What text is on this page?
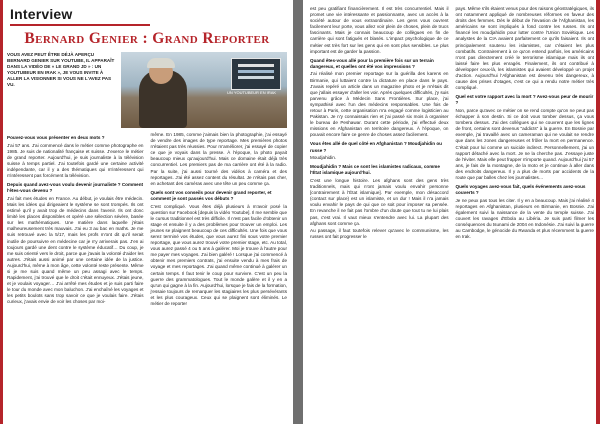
Interview
Bernard Genier : Grand Reporter

VOUS AVEZ PEUT ÊTRE DÉJÀ APERÇU BERNARD GENIER SUR YOUTUBE, IL APPARAÎT DANS LA VIDÉO DE « LE GRAND JD » : UN YOUTUBEUR EN IRAK », JE VOUS INVITE À ALLER LA VISIONNER SI VOUS NE L'AVEZ PAS VU.

UN YOUTUBEUR EN IRAK

Pouvez-vous vous présenter en deux mots ?

J'ai 57 ans. J'ai commencé dans le métier comme photographe en 1985. Je suis de nationalité française et suisse. J'exerce le métier de grand reporter. Aujourd'hui, je suis journaliste à la télévision suisse à temps partiel. J'ai toutefois gardé une certaine activité indépendante, car il y a des thématiques qui m'intéressent qui n'intéressent pas forcément la télévision.

Depuis quand avez-vous voulu devenir journaliste ? Comment l'êtes-vous devenu ?

J'ai fait mes études en France. Au début, je voulais être médecin. Mais les idées qui dirigeaient le système se sont trompés. Ils ont estimé qu'il y avait trop de médecins dans l'avenir. Ils ont donc limité les places disponibles et opéré une sélection sévère, basée sur les mathématiques. Une matière dans laquelle j'étais malheureusement très mauvais. J'ai eu 3 au bac en maths. Je me suis retrouvé avec la 5/17, mais les profs m'ont dit qu'il serait inutile de poursuivre en médecine car je n'y arriverais pas. J'en ai toujours gardé une dent contre le système éducatif… Du coup, je me suis orienté vers le droit, parce que j'avais la volonté d'aider les autres. J'étais aussi animé par une certaine idée de la justice. Aujourd'hui, même à mon âge, cette volonté reste présente. Même si je me suis quand même un peu assagi avec le temps. Rapidement, j'ai trouvé que le droit c'était ennuyeux. J'étais jeune, et je voulais voyager… J'ai arrêté mes études et je suis parti faire le tour du monde avec mon baluchon. J'ai enchaîné les voyages et les petits boulots sans trop savoir ce que je voulais faire. J'étais curieux, j'avais envie de voir les choses par moi-

même. En 1985, comme j'aimais bien la photographie, j'ai essayé de vendre des images de type reportage. Mes premières photos n'étaient pas très réussies. Pour m'améliorer, j'ai essayé de copier ce que je voyais dans la presse. À l'époque, la photo payait beaucoup mieux qu'aujourd'hui. Mais ce domaine était déjà très concurrentiel. Les premiers pas de ma carrière ont été à la radio. Par la suite, j'ai aussi tourné des vidéos à caméra et des reportages. J'ai été assez content du résultat. Je n'étais pas cher, en achetant des caméras avec une tête un peu comme ça.

Quels sont vos conseils pour devenir grand reporter, et comment je sont passés vos débuts ?

C'est compliqué. Vous êtes déjà plusieurs à m'avoir posé la question sur Facebook [depuis la vidéo Youtube]. Il me semble que le cursus traditionnel est très difficile. Il n'est pas facile d'obtenir un stage et ensuite il y a des problèmes pour trouver un emploi. Les jeunes se plaignent beaucoup de ces difficultés. Une fois que vous serez terminé vos études, que vous aurez fini sous votre premier reportage, que vous aurez trouvé votre premier stage, etc. Au total, vous aurez passé 4 ou 5 ans à galérer. Moi je trouve à l'autre pour me payer mes voyages. J'ai bien galéré ! Lorsque j'ai commencé à obtenir mes premiers contrats, j'ai ensuite vendu à mes frais de voyage et mes reportages. J'ai quand même continué à galérer un certain temps. Il faut tenir le coup pour survivre. C'est un peu la guerre des grammatologues. Tout le monde galère et il y en a qu'un qui gagne à la fin. Aujourd'hui, lorsque je fais de la formation, j'essaie toujours de remarquer les stagiaires les plus persévérants et les plus courageux. Ceux qui se plaignent sont éliminés. Le métier de reporter

est peu gratifiant financièrement. Il est très concurrentiel. Mais il promet une vie intéressante et passionnante, avec un accès à la société autour de vous extraordinaire. Les gens vous ouvrent facilement leur porte, vous allez voir plein de choses, plein de trucs fascinants. Mais je connais beaucoup de collègues en fin de carrière qui sont fatigués et blasés. L'impact psychologique de ce métier est très fort sur les gens qui en sont plus sensibles. Le plus important est de garder la passion.

Quand êtes-vous allé pour la première fois sur un terrain dangereux, et quelles ont été vos impressions ?

J'ai réalisé mon premier reportage sur la guérilla des karens en Birmanie, qui luttaient contre la dictature en place dans le pays. J'avais repéré un article dans un magazine photo et je m'étais dit que j'allais essayer d'aller les voir. Après quelques difficultés, j'y suis parvenu grâce à Médecin Sans Frontières. Sur place, j'ai sympathisé avec l'un des médecins responsables. Une fois de retour à Paris, cette organisation m'a engagé comme logisticien au Pakistan. Je n'y connaissais rien et j'ai passé six mois à organiser le bureau de Peshawar. Durant cette période, j'ai effectué deux missions en Afghanistan en territoire dangereux. À l'époque, on pouvait encore faire ce genre de choses assez facilement.

Vous êtes allé de quel côté en Afghanistan ? Moudjahidin ou russe ?

Moudjahidin.

Moudjahidin ? Mais ce sont les islamistes radicaux, comme l'État islamique aujourd'hui.

C'est une longue histoire. Les afghans sont des gens très traditionnels, mais qui n'ont jamais voulu envahir personne [contrairement à l'État islamique]. Par exemple, mon désaccord (contact sur place) est un islamiste, et un dur ! Mais il n'a jamais voulu envahir le pays de qui que ce soit pour imposer sa pensée. En revanche il ne fait pas l'ombre d'un doute que tout tu ne lui plais pas, c'est vrai. Il vaut mieux s'entendre avec lui. La plupart des afghans sont comme ça.

Au passage, il faut toutefois relever qu'avec le communisme, les russes ont fait progresser le

pays. Même s'ils étaient venus pour des raisons géostratégiques, ils ont notamment appliqué de nombreuses réformes en faveur des droits des femmes. Dès le début de l'invasion de l'Afghanistan, les américains se sont impliqués à fond contre les russes. Ils ont financé les moudjahidin pour lutter contre l'Union Soviétique. Les analystes de la CIA avaient parfaitement ce qu'ils faisaient. Ils ont principalement soutenu les islamistes, car c'étaient les plus combatifs. Contrairement à ce qu'on entend parfois, les américains n'ont pas directement créé le terrorisme islamique mais ils ont laissé faire les plus enragés. Finalement, ils ont contribué à développer ceux-là, les islamistes qui avaient développé un projet d'action. Aujourd'hui l'Afghanistan est devenu très dangereux, à cause des prises d'otages, c'est ce qui a rendu notre métier très compliqué.

Quel est votre rapport avec la mort ? Avez-vous peur de mourir ?

Non, parce qu'avec ce métier on se rend compte qu'on ne peut pas échapper à son destin. Si ce doit vous tomber dessus, ça vous tombera dessus. J'ai des collègues qui ne couvrent que les lignes de front, certains sont devenus "addicts" à la guerre. En Bosnie par exemple, j'ai travaillé avec un cameraman qui ne voulait se rendre que dans les zones dangereuses et frôler la mort en permanence. C'était pour lui comme un suicide indirect. Personnellement, j'ai un rapport détaché avec la mort. Je ne la cherche pas. J'essaye juste de l'éviter. Mais elle peut frapper n'importe quand. Aujourd'hui j'ai 57 ans, je fais de la montagne, de la moto et je continue à aller dans des endroits dangereux. Il y a plus de morts par accidents de la route que par balles chez les journalistes…

Quels voyages avez-vous fait, quels événements avez-vous couverts ?

Je ne peux pas tous les citer. Il y en a beaucoup. Mais j'ai réalisé 4 reportages en Afghanistan, plusieurs en Birmanie, en Bosnie. J'ai également suivi la naissance de la vente du temple suisse. J'ai couvert les ravages d'Ebola au Libéria. Je suis parti filmer les conséquences du tsunami de 2004 en Indonésie. J'ai suivi la guerre au Cambodge, le génocide du Rwanda et plus récemment la guerre en Irak.
